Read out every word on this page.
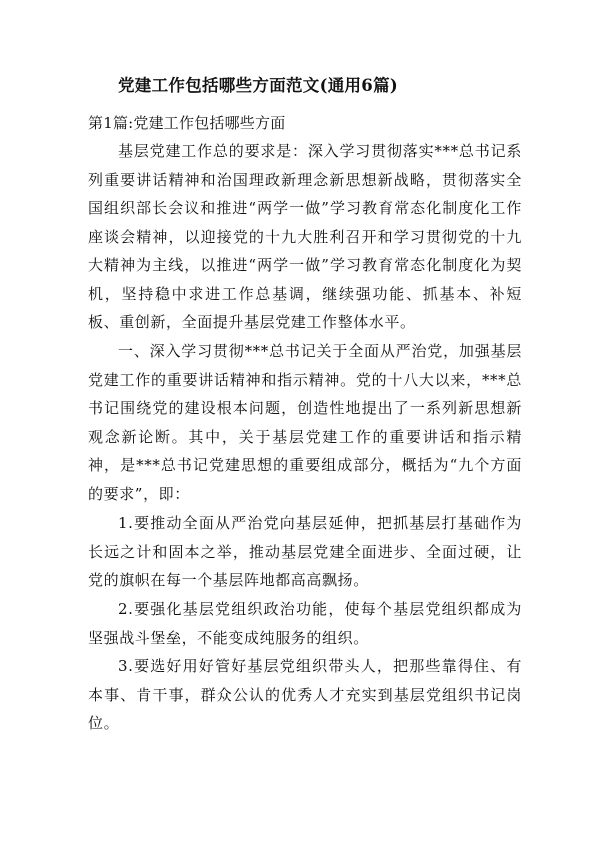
党建工作包括哪些方面范文(通用6篇)
第1篇:党建工作包括哪些方面

基层党建工作总的要求是：深入学习贯彻落实***总书记系列重要讲话精神和治国理政新理念新思想新战略，贯彻落实全国组织部长会议和推进“两学一做”学习教育常态化制度化工作座谈会精神，以迎接党的十九大胜利召开和学习贯彻党的十九大精神为主线，以推进“两学一做”学习教育常态化制度化为契机，坚持稳中求进工作总基调，继续强功能、抓基本、补短板、重创新，全面提升基层党建工作整体水平。

一、深入学习贯彻***总书记关于全面从严治党，加强基层党建工作的重要讲话精神和指示精神。党的十八大以来，***总书记围绕党的建设根本问题，创造性地提出了一系列新思想新观念新论断。其中，关于基层党建工作的重要讲话和指示精神，是***总书记党建思想的重要组成部分，概括为“九个方面的要求”，即：

1.要推动全面从严治党向基层延伸，把抓基层打基础作为长远之计和固本之举，推动基层党建全面进步、全面过硬，让党的旗帜在每一个基层阵地都高高飘扬。

2.要强化基层党组织政治功能，使每个基层党组织都成为坚强战斗堡垒，不能变成纯服务的组织。

3.要选好用好管好基层党组织带头人，把那些靠得住、有本事、肯干事，群众公认的优秀人才充实到基层党组织书记岗位。
